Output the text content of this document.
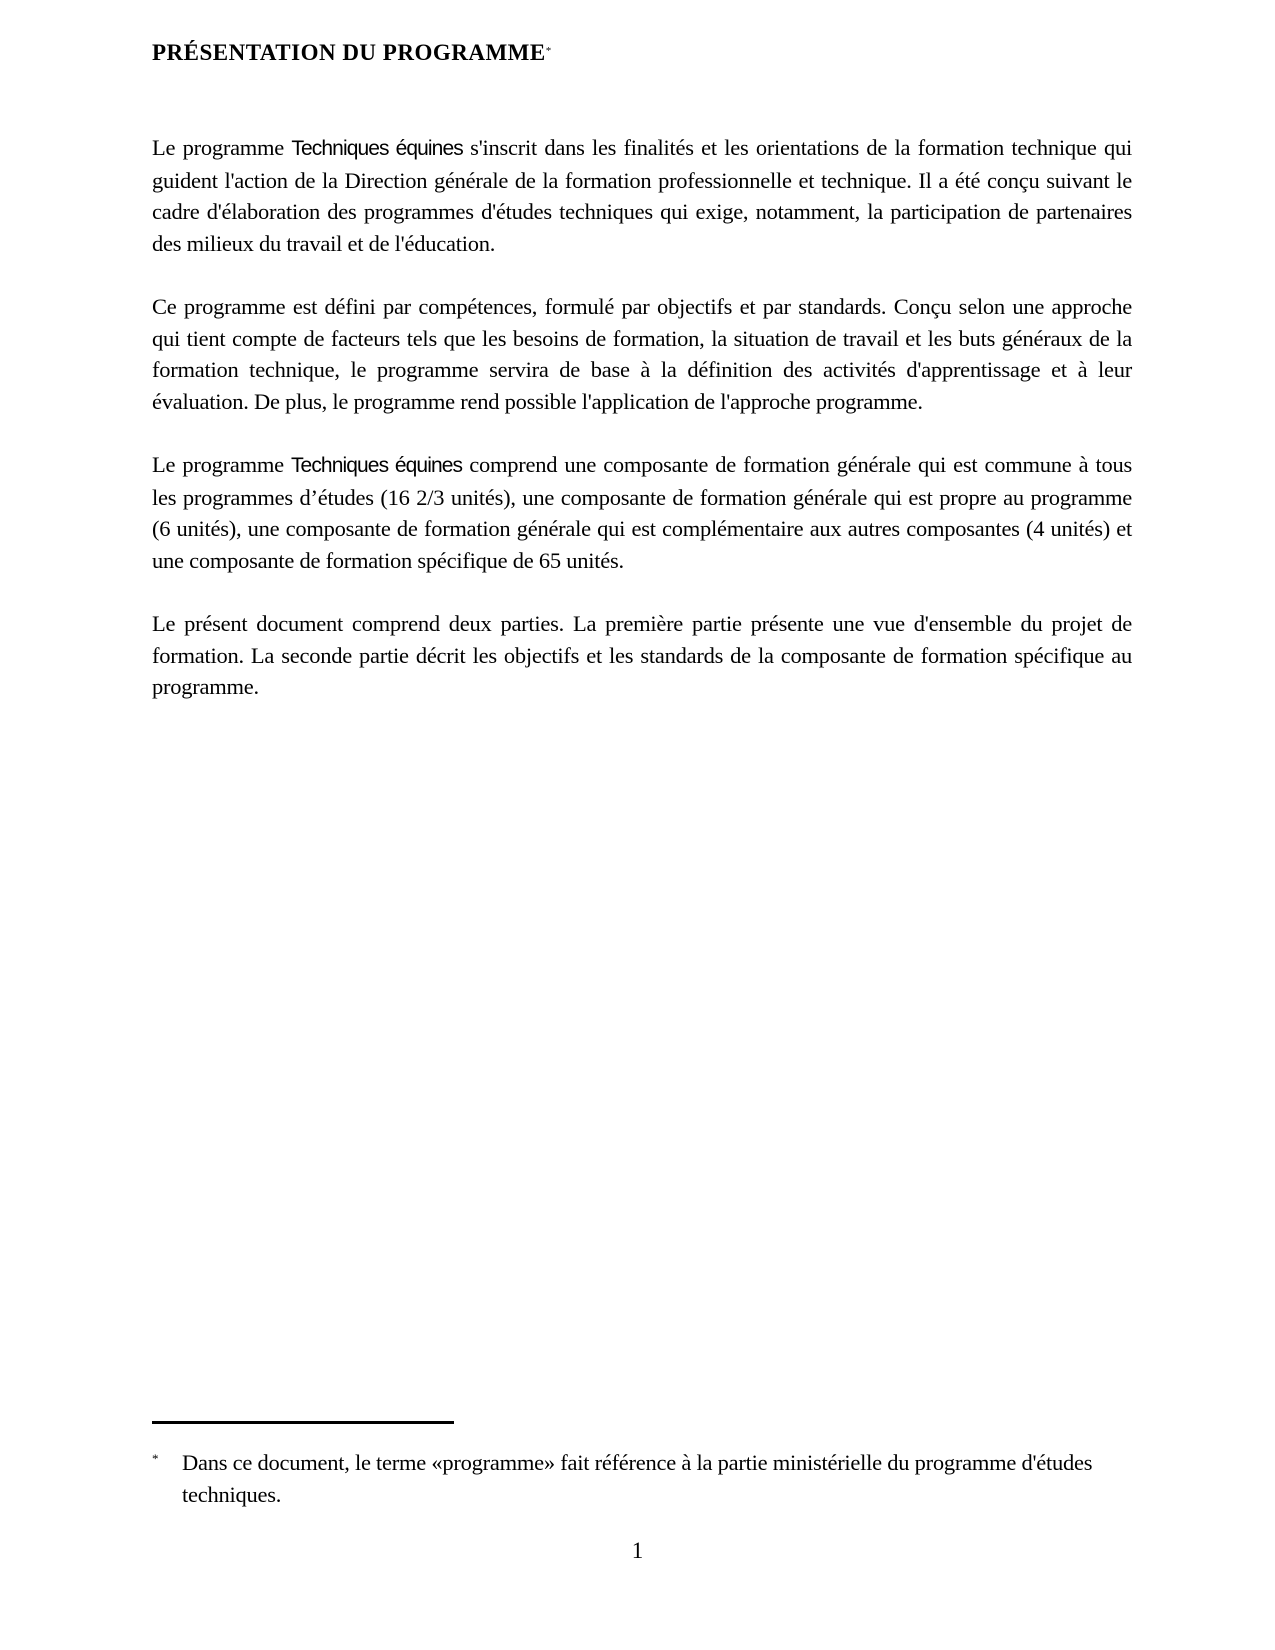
PRÉSENTATION DU PROGRAMME*

Le programme Techniques équines s'inscrit dans les finalités et les orientations de la formation technique qui guident l'action de la Direction générale de la formation professionnelle et technique. Il a été conçu suivant le cadre d'élaboration des programmes d'études techniques qui exige, notamment, la participation de partenaires des milieux du travail et de l'éducation.

Ce programme est défini par compétences, formulé par objectifs et par standards. Conçu selon une approche qui tient compte de facteurs tels que les besoins de formation, la situation de travail et les buts généraux de la formation technique, le programme servira de base à la définition des activités d'apprentissage et à leur évaluation. De plus, le programme rend possible l'application de l'approche programme.

Le programme Techniques équines comprend une composante de formation générale qui est commune à tous les programmes d’études (16 2/3 unités), une composante de formation générale qui est propre au programme (6 unités), une composante de formation générale qui est complémentaire aux autres composantes (4 unités) et une composante de formation spécifique de 65 unités.

Le présent document comprend deux parties. La première partie présente une vue d'ensemble du projet de formation. La seconde partie décrit les objectifs et les standards de la composante de formation spécifique au programme.

* Dans ce document, le terme «programme» fait référence à la partie ministérielle du programme d'études techniques.

1
